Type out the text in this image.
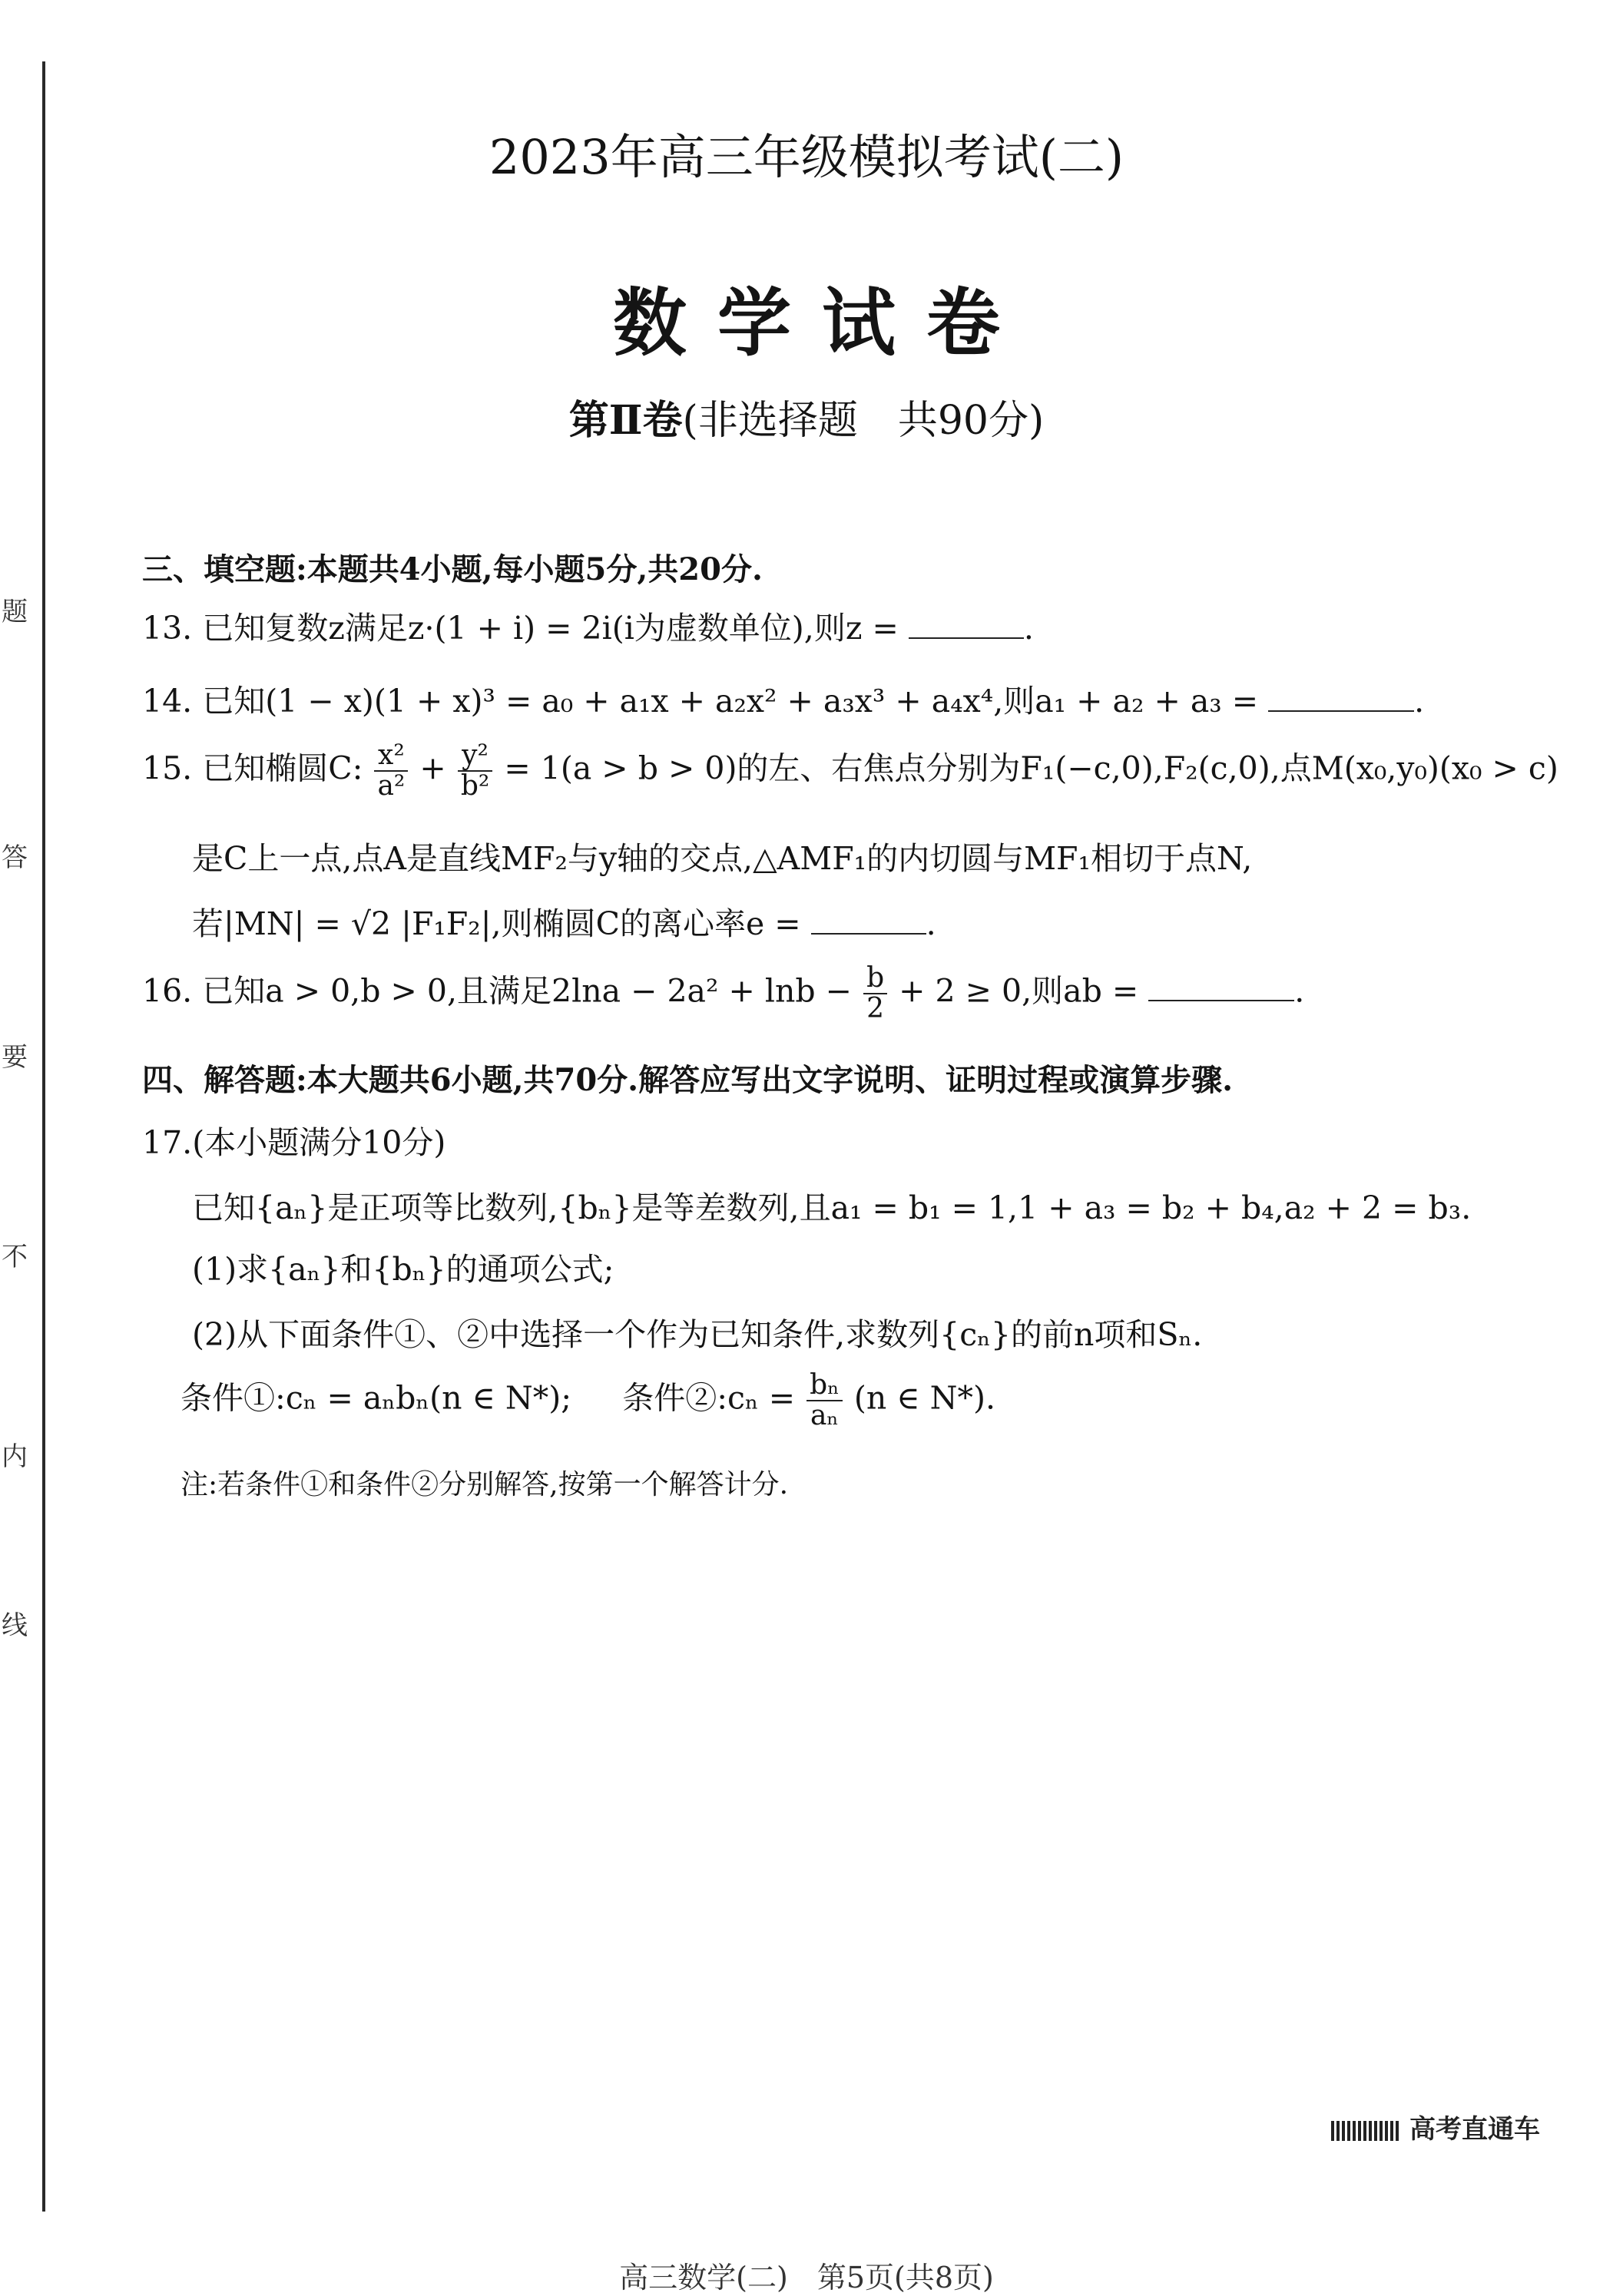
题
答
要
不
内
线
2023年高三年级模拟考试(二)
数学试卷
第Ⅱ卷(非选择题　共90分)
三、填空题:本题共4小题,每小题5分,共20分.
13. 已知复数z满足z·(1 + i) = 2i(i为虚数单位),则z =	.
14. 已知(1 − x)(1 + x)³ = a₀ + a₁x + a₂x² + a₃x³ + a₄x⁴,则a₁ + a₂ + a₃ =	.
15. 已知椭圆C: $\frac{\text{x²}}{\text{a²}} + \frac{\text{y²}}{\text{b²}} = 1(a > b > 0)$的左、右焦点分别为F₁(−c,0),F₂(c,0),点M(x₀,y₀)(x₀ > c)
是C上一点,点A是直线MF₂与y轴的交点,△AMF₁的内切圆与MF₁相切于点N,
若|MN| = √2 |F₁F₂|,则椭圆C的离心率e =	.
16. 已知a > 0,b > 0,且满足$2\ln a - 2a^2 + \ln b - \frac{b}{2} + 2 \ge 0$,则ab =	.
四、解答题:本大题共6小题,共70分.解答应写出文字说明、证明过程或演算步骤.
17.(本小题满分10分)
已知{aₙ}是正项等比数列,{bₙ}是等差数列,且a₁ = b₁ = 1,1 + a₃ = b₂ + b₄,a₂ + 2 = b₃.
(1)求{aₙ}和{bₙ}的通项公式;
(2)从下面条件①、②中选择一个作为已知条件,求数列{cₙ}的前n项和Sₙ.
条件①:cₙ = aₙbₙ(n ∈ N*); 条件②:cₙ = $\frac{\text{bₙ}}{\text{aₙ}} (n$ ∈ N*).
注:若条件①和条件②分别解答,按第一个解答计分.
高考直通车
高三数学(二)　第5页(共8页)
